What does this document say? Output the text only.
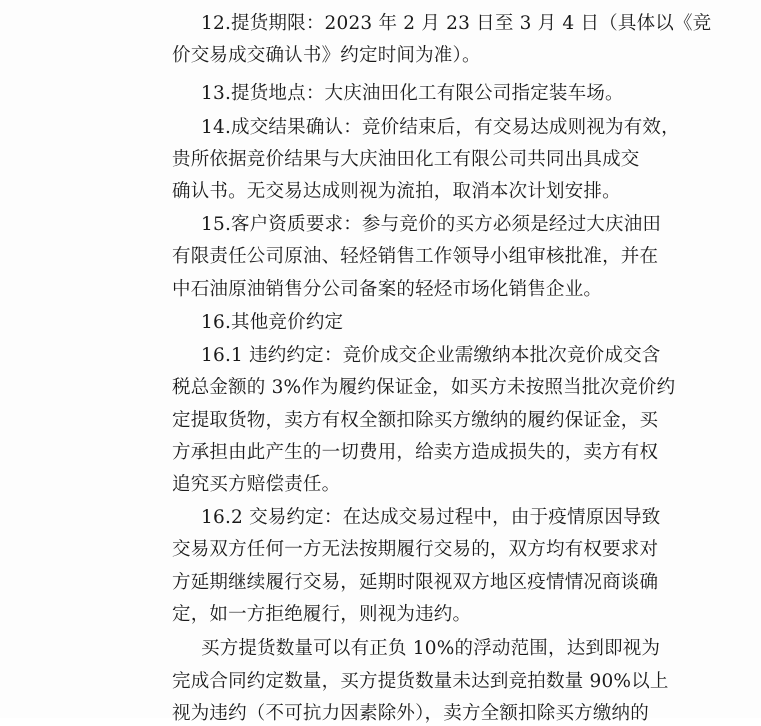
12.提货期限：2023 年 2 月 23 日至 3 月 4 日（具体以《竞
价交易成交确认书》约定时间为准）。
13.提货地点：大庆油田化工有限公司指定装车场。
14.成交结果确认：竞价结束后，有交易达成则视为有效，
贵所依据竞价结果与大庆油田化工有限公司共同出具成交
确认书。无交易达成则视为流拍，取消本次计划安排。
15.客户资质要求：参与竞价的买方必须是经过大庆油田
有限责任公司原油、轻烃销售工作领导小组审核批准，并在
中石油原油销售分公司备案的轻烃市场化销售企业。
16.其他竞价约定
16.1 违约约定：竞价成交企业需缴纳本批次竞价成交含
税总金额的 3%作为履约保证金，如买方未按照当批次竞价约
定提取货物，卖方有权全额扣除买方缴纳的履约保证金，买
方承担由此产生的一切费用，给卖方造成损失的，卖方有权
追究买方赔偿责任。
16.2 交易约定：在达成交易过程中，由于疫情原因导致
交易双方任何一方无法按期履行交易的，双方均有权要求对
方延期继续履行交易，延期时限视双方地区疫情情况商谈确
定，如一方拒绝履行，则视为违约。
买方提货数量可以有正负 10%的浮动范围，达到即视为
完成合同约定数量，买方提货数量未达到竞拍数量 90%以上
视为违约（不可抗力因素除外），卖方全额扣除买方缴纳的
